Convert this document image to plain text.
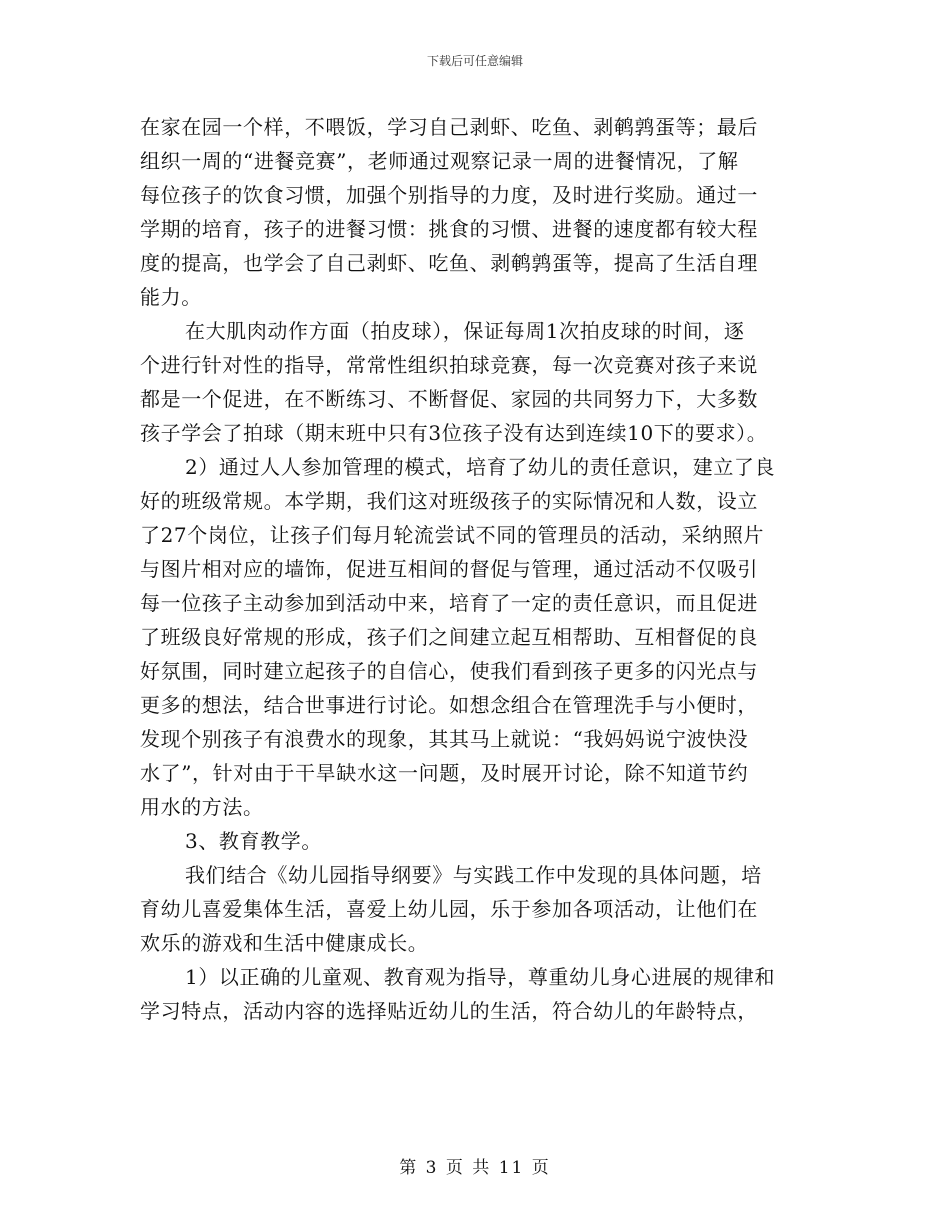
下载后可任意编辑
在家在园一个样，不喂饭，学习自己剥虾、吃鱼、剥鹌鹑蛋等；最后
组织一周的“进餐竞赛”，老师通过观察记录一周的进餐情况，了解
每位孩子的饮食习惯，加强个别指导的力度，及时进行奖励。通过一
学期的培育，孩子的进餐习惯：挑食的习惯、进餐的速度都有较大程
度的提高，也学会了自己剥虾、吃鱼、剥鹌鹑蛋等，提高了生活自理
能力。
在大肌肉动作方面（拍皮球），保证每周1次拍皮球的时间，逐
个进行针对性的指导，常常性组织拍球竞赛，每一次竞赛对孩子来说
都是一个促进，在不断练习、不断督促、家园的共同努力下，大多数
孩子学会了拍球（期末班中只有3位孩子没有达到连续10下的要求）。
2）通过人人参加管理的模式，培育了幼儿的责任意识，建立了良
好的班级常规。本学期，我们这对班级孩子的实际情况和人数，设立
了27个岗位，让孩子们每月轮流尝试不同的管理员的活动，采纳照片
与图片相对应的墙饰，促进互相间的督促与管理，通过活动不仅吸引
每一位孩子主动参加到活动中来，培育了一定的责任意识，而且促进
了班级良好常规的形成，孩子们之间建立起互相帮助、互相督促的良
好氛围，同时建立起孩子的自信心，使我们看到孩子更多的闪光点与
更多的想法，结合世事进行讨论。如想念组合在管理洗手与小便时，
发现个别孩子有浪费水的现象，其其马上就说：“我妈妈说宁波快没
水了”，针对由于干旱缺水这一问题，及时展开讨论，除不知道节约
用水的方法。
3、教育教学。
我们结合《幼儿园指导纲要》与实践工作中发现的具体问题，培
育幼儿喜爱集体生活，喜爱上幼儿园，乐于参加各项活动，让他们在
欢乐的游戏和生活中健康成长。
1）以正确的儿童观、教育观为指导，尊重幼儿身心进展的规律和
学习特点，活动内容的选择贴近幼儿的生活，符合幼儿的年龄特点，
第 3 页 共 11 页
